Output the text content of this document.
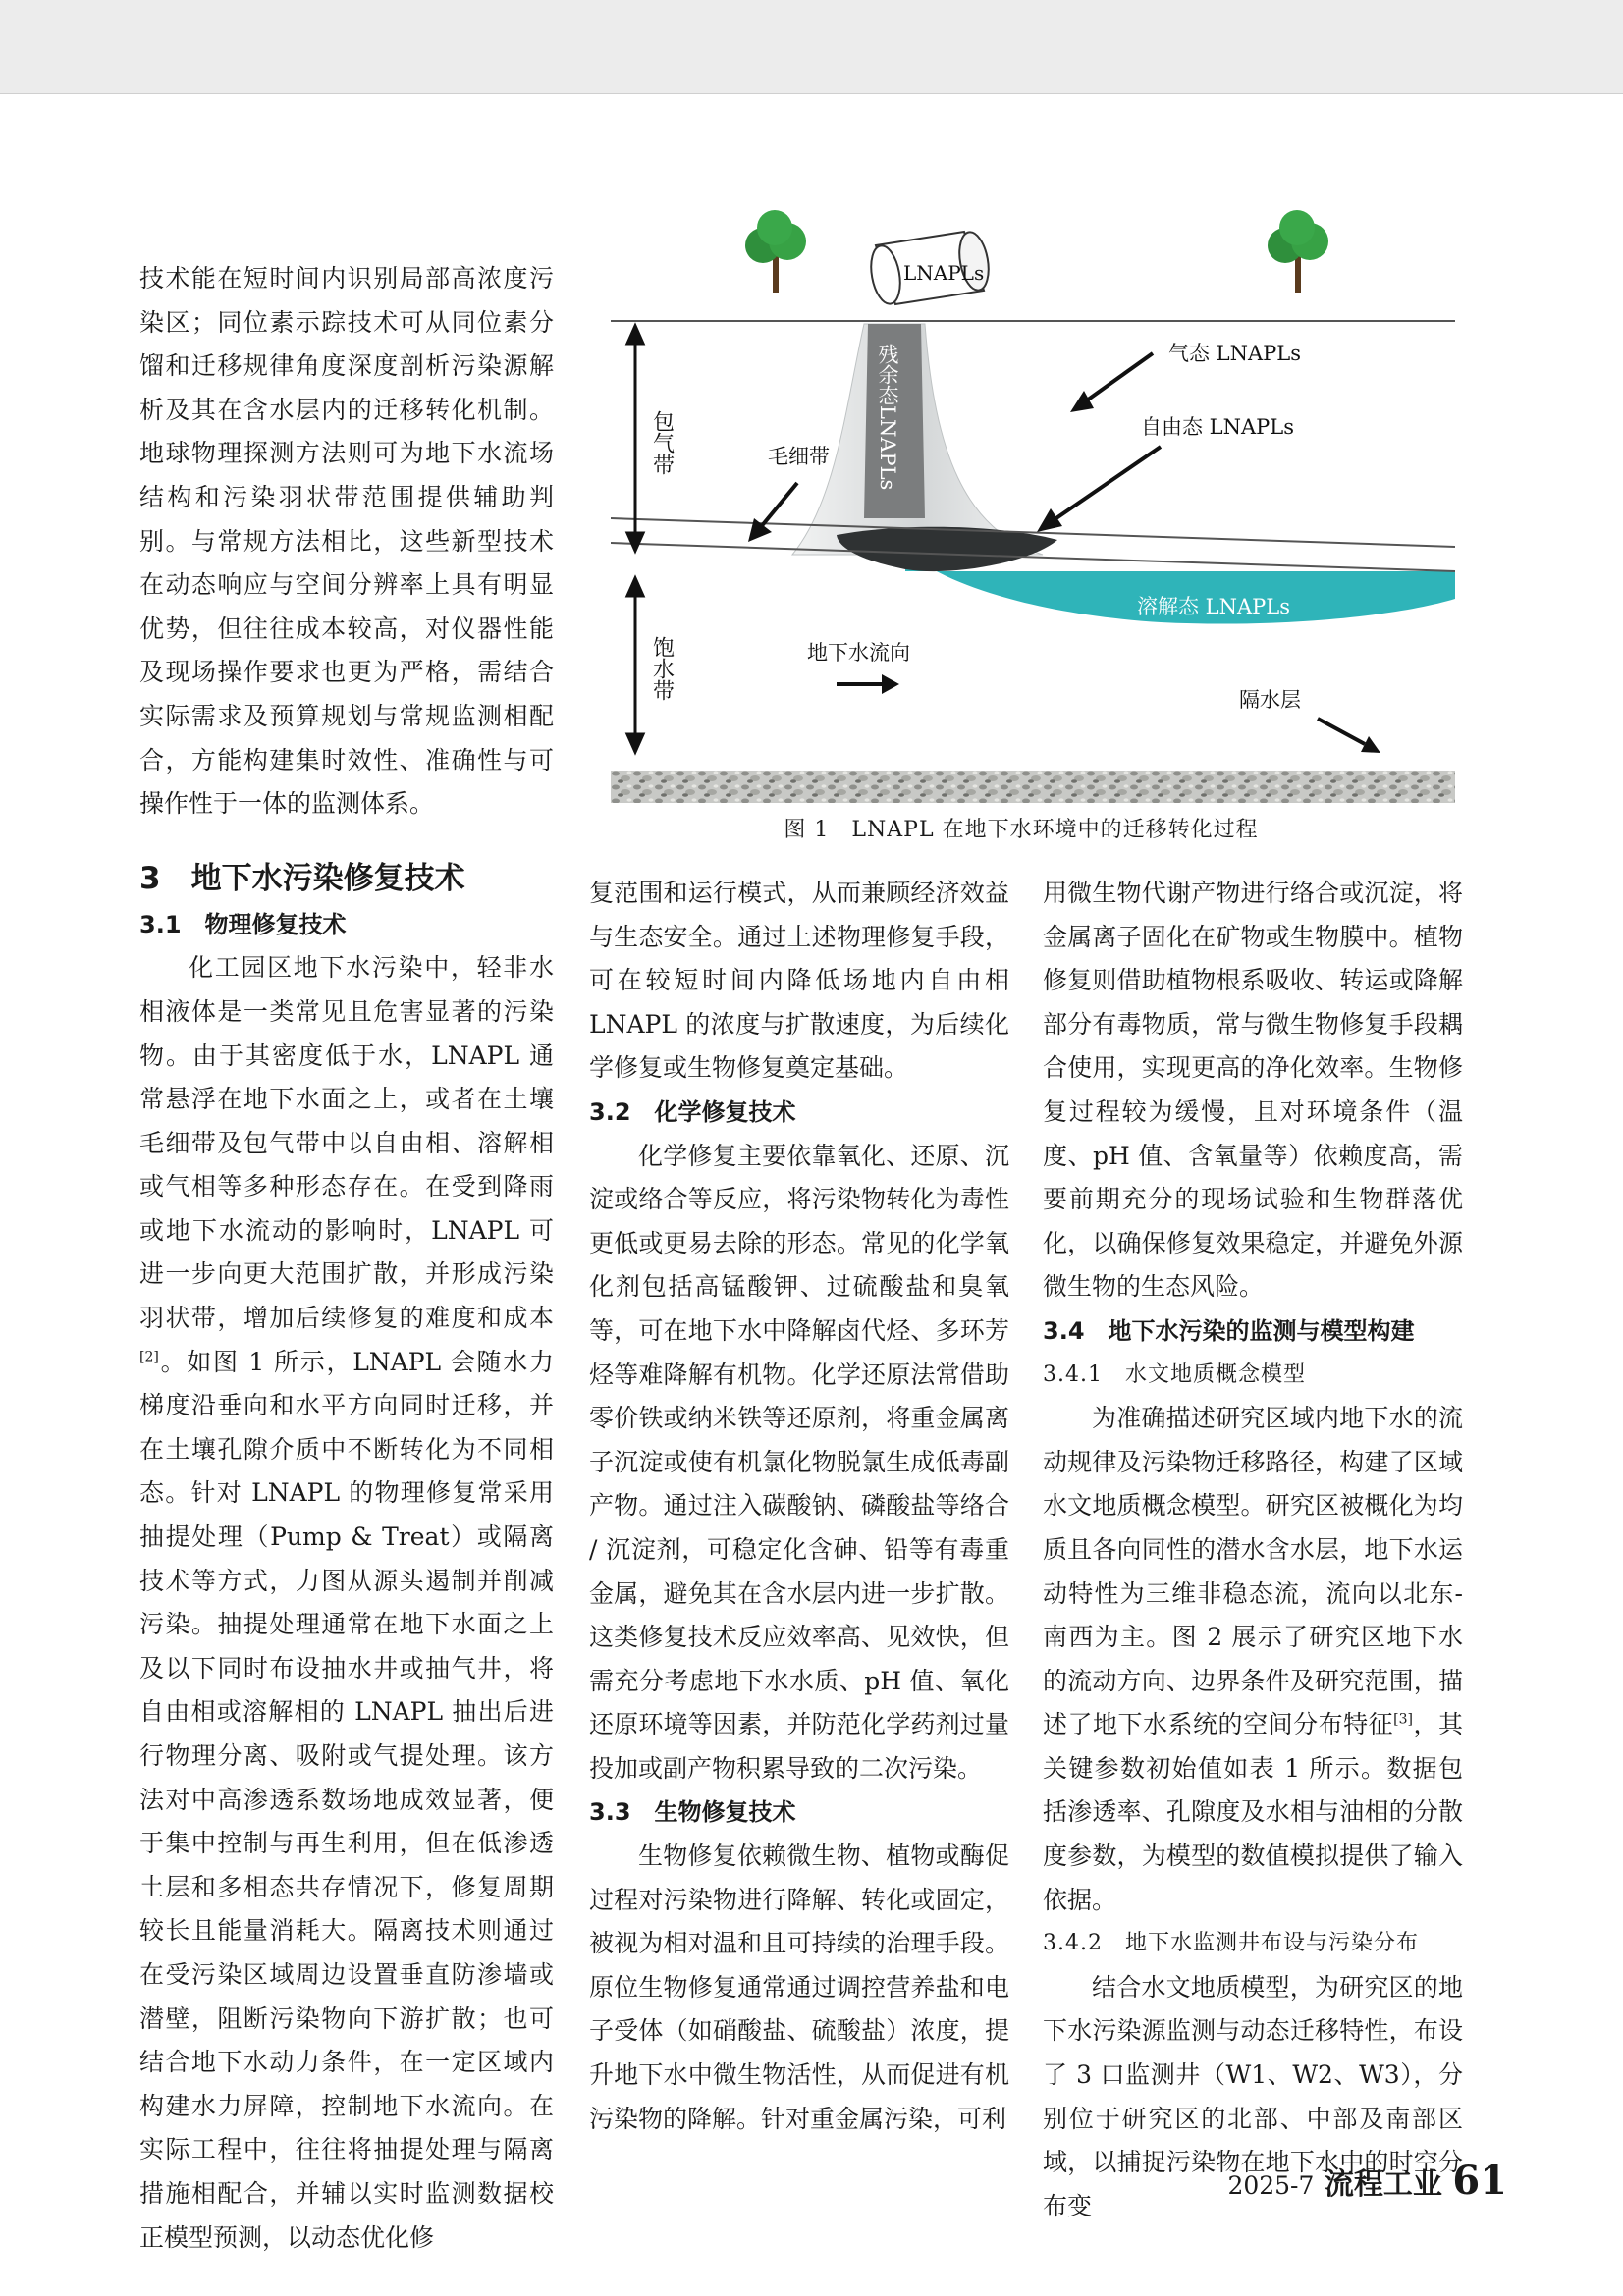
技术能在短时间内识别局部高浓度污染区；同位素示踪技术可从同位素分馏和迁移规律角度深度剖析污染源解析及其在含水层内的迁移转化机制。地球物理探测方法则可为地下水流场结构和污染羽状带范围提供辅助判别。与常规方法相比，这些新型技术在动态响应与空间分辨率上具有明显优势，但往往成本较高，对仪器性能及现场操作要求也更为严格，需结合实际需求及预算规划与常规监测相配合，方能构建集时效性、准确性与可操作性于一体的监测体系。

3　地下水污染修复技术

3.1　物理修复技术

化工园区地下水污染中，轻非水相液体是一类常见且危害显著的污染物。由于其密度低于水，LNAPL 通常悬浮在地下水面之上，或者在土壤毛细带及包气带中以自由相、溶解相或气相等多种形态存在。在受到降雨或地下水流动的影响时，LNAPL 可进一步向更大范围扩散，并形成污染羽状带，增加后续修复的难度和成本[2]。如图 1 所示，LNAPL 会随水力梯度沿垂向和水平方向同时迁移，并在土壤孔隙介质中不断转化为不同相态。针对 LNAPL 的物理修复常采用抽提处理（Pump & Treat）或隔离技术等方式，力图从源头遏制并削减污染。抽提处理通常在地下水面之上及以下同时布设抽水井或抽气井，将自由相或溶解相的 LNAPL 抽出后进行物理分离、吸附或气提处理。该方法对中高渗透系数场地成效显著，便于集中控制与再生利用，但在低渗透土层和多相态共存情况下，修复周期较长且能量消耗大。隔离技术则通过在受污染区域周边设置垂直防渗墙或潜壁，阻断污染物向下游扩散；也可结合地下水动力条件，在一定区域内构建水力屏障，控制地下水流向。在实际工程中，往往将抽提处理与隔离措施相配合，并辅以实时监测数据校正模型预测，以动态优化修

LNAPLs
残余态LNAPLs
包气带
饱水带
毛细带
气态 LNAPLs
自由态 LNAPLs
溶解态 LNAPLs
地下水流向
隔水层
图 1　LNAPL 在地下水环境中的迁移转化过程

复范围和运行模式，从而兼顾经济效益与生态安全。通过上述物理修复手段，可在较短时间内降低场地内自由相 LNAPL 的浓度与扩散速度，为后续化学修复或生物修复奠定基础。

3.2　化学修复技术

化学修复主要依靠氧化、还原、沉淀或络合等反应，将污染物转化为毒性更低或更易去除的形态。常见的化学氧化剂包括高锰酸钾、过硫酸盐和臭氧等，可在地下水中降解卤代烃、多环芳烃等难降解有机物。化学还原法常借助零价铁或纳米铁等还原剂，将重金属离子沉淀或使有机氯化物脱氯生成低毒副产物。通过注入碳酸钠、磷酸盐等络合 / 沉淀剂，可稳定化含砷、铅等有毒重金属，避免其在含水层内进一步扩散。这类修复技术反应效率高、见效快，但需充分考虑地下水水质、pH 值、氧化还原环境等因素，并防范化学药剂过量投加或副产物积累导致的二次污染。

3.3　生物修复技术

生物修复依赖微生物、植物或酶促过程对污染物进行降解、转化或固定，被视为相对温和且可持续的治理手段。原位生物修复通常通过调控营养盐和电子受体（如硝酸盐、硫酸盐）浓度，提升地下水中微生物活性，从而促进有机污染物的降解。针对重金属污染，可利

用微生物代谢产物进行络合或沉淀，将金属离子固化在矿物或生物膜中。植物修复则借助植物根系吸收、转运或降解部分有毒物质，常与微生物修复手段耦合使用，实现更高的净化效率。生物修复过程较为缓慢，且对环境条件（温度、pH 值、含氧量等）依赖度高，需要前期充分的现场试验和生物群落优化，以确保修复效果稳定，并避免外源微生物的生态风险。

3.4　地下水污染的监测与模型构建

3.4.1　水文地质概念模型

为准确描述研究区域内地下水的流动规律及污染物迁移路径，构建了区域水文地质概念模型。研究区被概化为均质且各向同性的潜水含水层，地下水运动特性为三维非稳态流，流向以北东-南西为主。图 2 展示了研究区地下水的流动方向、边界条件及研究范围，描述了地下水系统的空间分布特征[3]，其关键参数初始值如表 1 所示。数据包括渗透率、孔隙度及水相与油相的分散度参数，为模型的数值模拟提供了输入依据。

3.4.2　地下水监测井布设与污染分布

结合水文地质模型，为研究区的地下水污染源监测与动态迁移特性，布设了 3 口监测井（W1、W2、W3），分别位于研究区的北部、中部及南部区域，以捕捉污染物在地下水中的时空分布变

2025-7 流程工业 61
